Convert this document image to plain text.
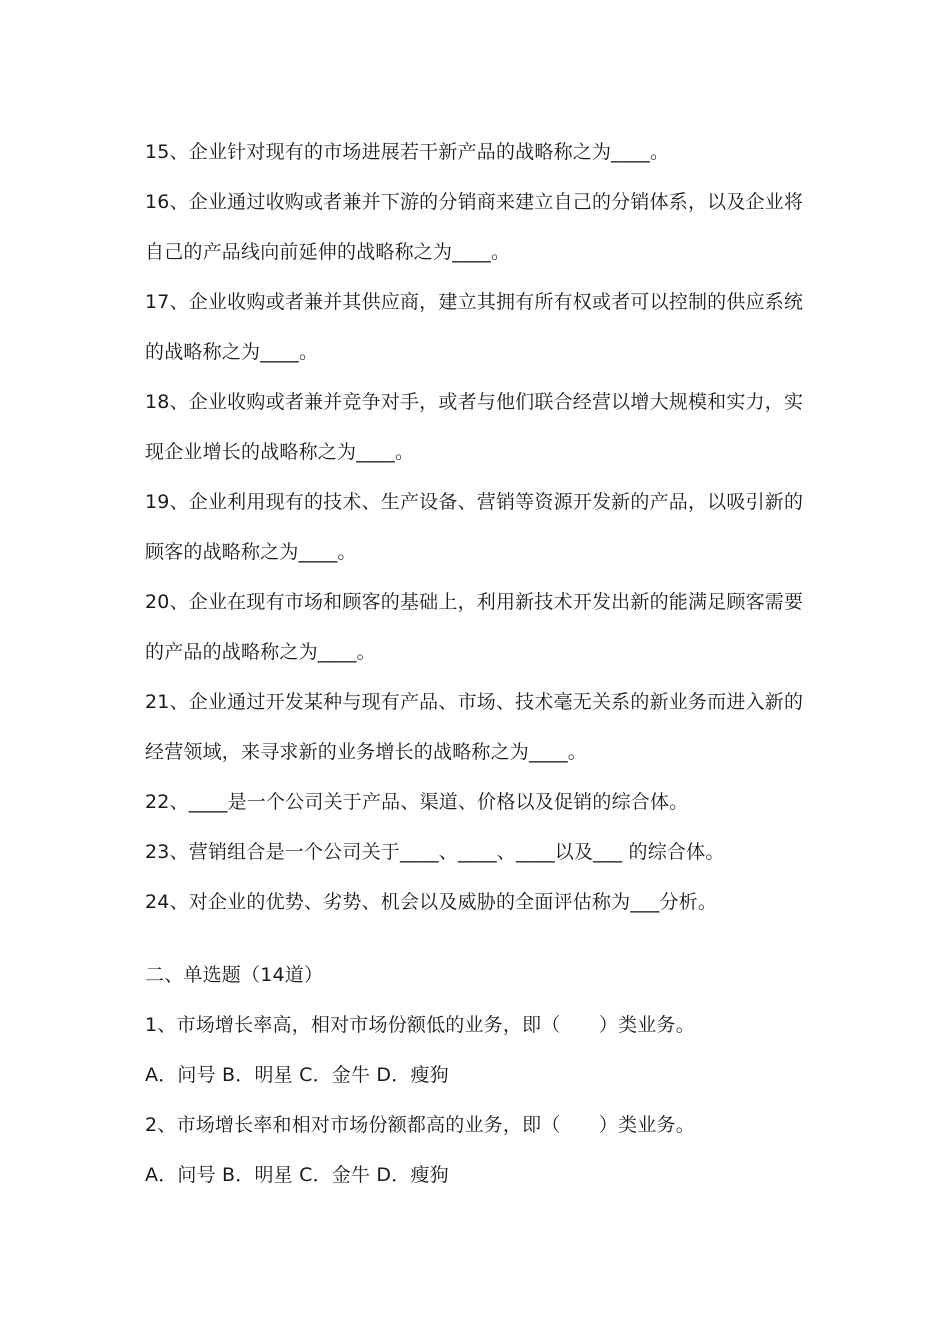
15、企业针对现有的市场进展若干新产品的战略称之为____。
16、企业通过收购或者兼并下游的分销商来建立自己的分销体系，以及企业将
自己的产品线向前延伸的战略称之为____。
17、企业收购或者兼并其供应商，建立其拥有所有权或者可以控制的供应系统
的战略称之为____。
18、企业收购或者兼并竞争对手，或者与他们联合经营以增大规模和实力，实
现企业增长的战略称之为____。
19、企业利用现有的技术、生产设备、营销等资源开发新的产品，以吸引新的
顾客的战略称之为____。
20、企业在现有市场和顾客的基础上，利用新技术开发出新的能满足顾客需要
的产品的战略称之为____。
21、企业通过开发某种与现有产品、市场、技术毫无关系的新业务而进入新的
经营领域，来寻求新的业务增长的战略称之为____。
22、____是一个公司关于产品、渠道、价格以及促销的综合体。
23、营销组合是一个公司关于____、____、____以及___ 的综合体。
24、对企业的优势、劣势、机会以及威胁的全面评估称为___分析。
二、单选题（14道）
1、市场增长率高，相对市场份额低的业务，即（　　）类业务。
A．问号 B．明星 C．金牛 D．瘦狗
2、市场增长率和相对市场份额都高的业务，即（　　）类业务。
A．问号 B．明星 C．金牛 D．瘦狗
